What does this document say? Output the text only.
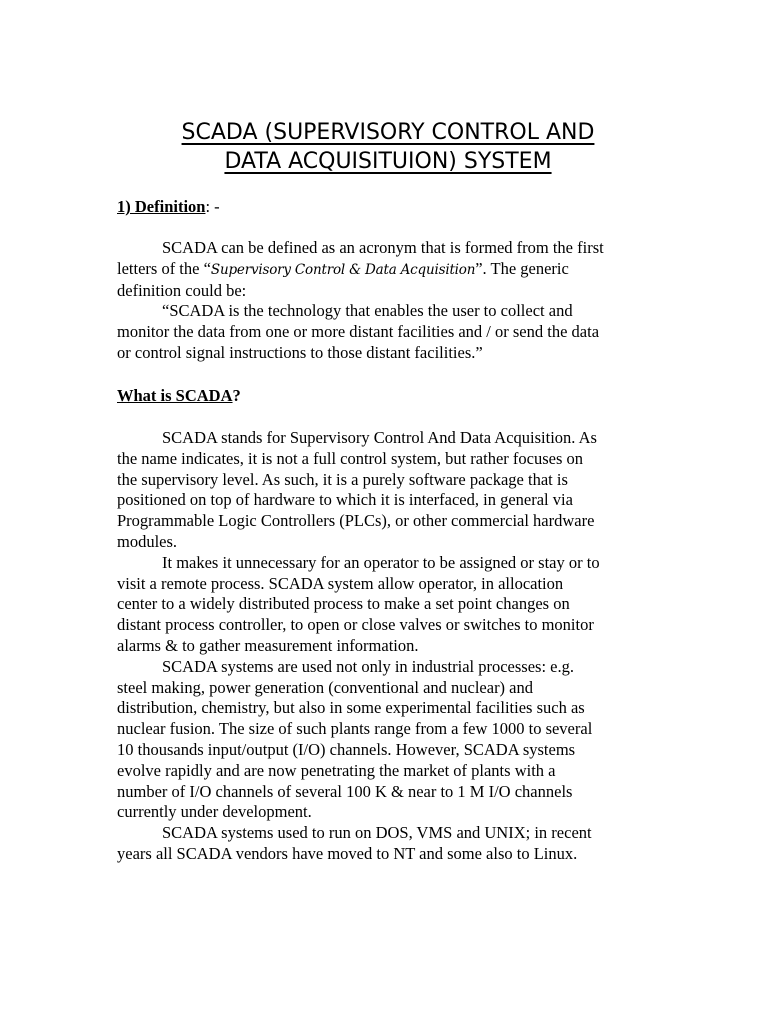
SCADA (SUPERVISORY CONTROL AND
DATA ACQUISITUION) SYSTEM

1) Definition: -

SCADA can be defined as an acronym that is formed from the first
letters of the “Supervisory Control & Data Acquisition”. The generic
definition could be:
“SCADA is the technology that enables the user to collect and
monitor the data from one or more distant facilities and / or send the data
or control signal instructions to those distant facilities.”

What is SCADA?

SCADA stands for Supervisory Control And Data Acquisition. As
the name indicates, it is not a full control system, but rather focuses on
the supervisory level. As such, it is a purely software package that is
positioned on top of hardware to which it is interfaced, in general via
Programmable Logic Controllers (PLCs), or other commercial hardware
modules.
It makes it unnecessary for an operator to be assigned or stay or to
visit a remote process. SCADA system allow operator, in allocation
center to a widely distributed process to make a set point changes on
distant process controller, to open or close valves or switches to monitor
alarms & to gather measurement information.
SCADA systems are used not only in industrial processes: e.g.
steel making, power generation (conventional and nuclear) and
distribution, chemistry, but also in some experimental facilities such as
nuclear fusion. The size of such plants range from a few 1000 to several
10 thousands input/output (I/O) channels. However, SCADA systems
evolve rapidly and are now penetrating the market of plants with a
number of I/O channels of several 100 K & near to 1 M I/O channels
currently under development.
SCADA systems used to run on DOS, VMS and UNIX; in recent
years all SCADA vendors have moved to NT and some also to Linux.
